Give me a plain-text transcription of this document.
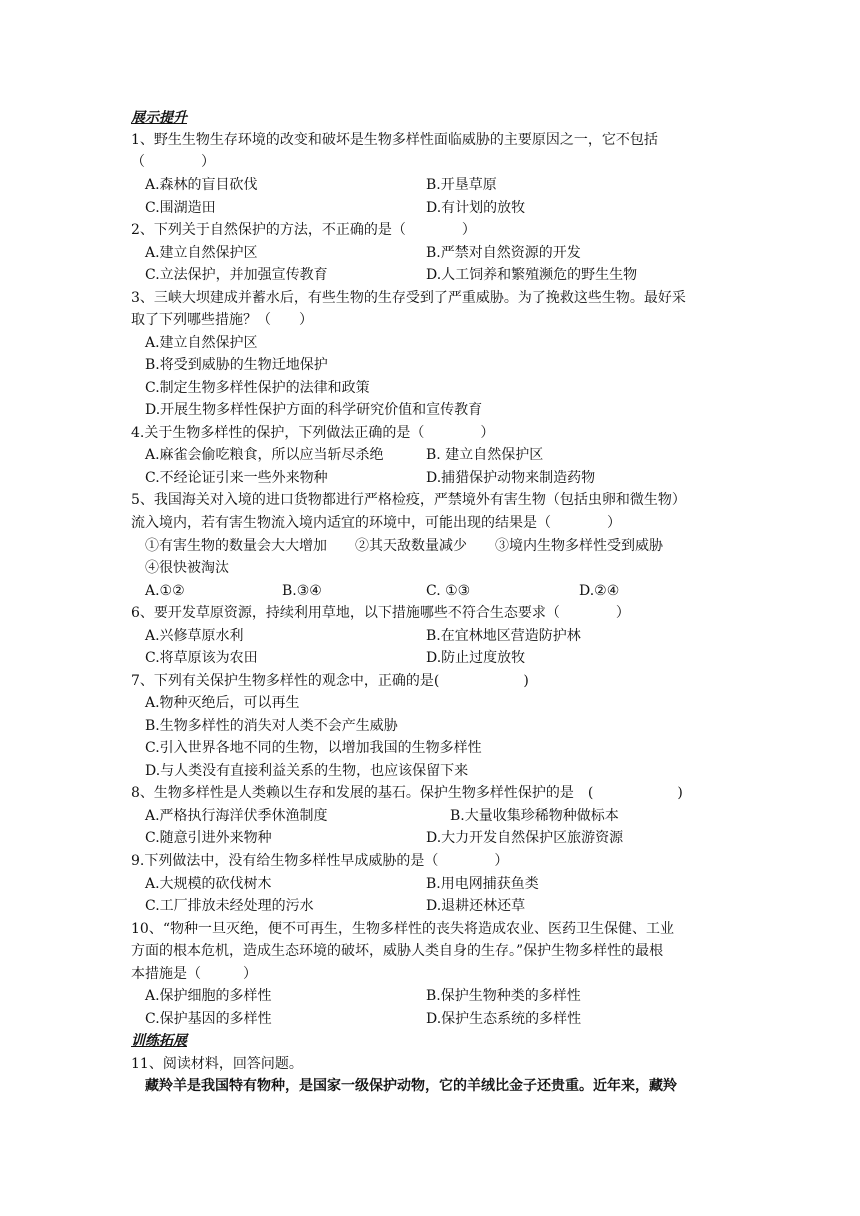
展示提升
1、野生生物生存环境的改变和破坏是生物多样性面临威胁的主要原因之一，它不包括
（　　　　）
A.森林的盲目砍伐	B.开垦草原
C.围湖造田	D.有计划的放牧
2、下列关于自然保护的方法，不正确的是（　　　　）
A.建立自然保护区	B.严禁对自然资源的开发
C.立法保护，并加强宣传教育	D.人工饲养和繁殖濒危的野生生物
3、三峡大坝建成并蓄水后，有些生物的生存受到了严重威胁。为了挽救这些生物。最好采
取了下列哪些措施？（　　）
A.建立自然保护区
B.将受到威胁的生物迁地保护
C.制定生物多样性保护的法律和政策
D.开展生物多样性保护方面的科学研究价值和宣传教育
4.关于生物多样性的保护，下列做法正确的是（　　　　）
A.麻雀会偷吃粮食，所以应当斩尽杀绝	B. 建立自然保护区
C.不经论证引来一些外来物种	D.捕猎保护动物来制造药物
5、我国海关对入境的进口货物都进行严格检疫，严禁境外有害生物（包括虫卵和微生物）
流入境内，若有害生物流入境内适宜的环境中，可能出现的结果是（　　　　）
①有害生物的数量会大大增加　　②其天敌数量减少　　③境内生物多样性受到威胁
④很快被淘汰
A.①②	B.③④	C. ①③	D.②④
6、要开发草原资源，持续利用草地，以下措施哪些不符合生态要求（　　　　）
A.兴修草原水利	B.在宜林地区营造防护林
C.将草原该为农田	D.防止过度放牧
7、下列有关保护生物多样性的观念中，正确的是(　　　　　　)
A.物种灭绝后，可以再生
B.生物多样性的消失对人类不会产生威胁
C.引入世界各地不同的生物，以增加我国的生物多样性
D.与人类没有直接利益关系的生物，也应该保留下来
8、生物多样性是人类赖以生存和发展的基石。保护生物多样性保护的是　(　　　　　　)
A.严格执行海洋伏季休渔制度	B.大量收集珍稀物种做标本
C.随意引进外来物种	D.大力开发自然保护区旅游资源
9.下列做法中，没有给生物多样性早成威胁的是（　　　　）
A.大规模的砍伐树木	B.用电网捕获鱼类
C.工厂排放未经处理的污水	D.退耕还林还草
10、“物种一旦灭绝，便不可再生，生物多样性的丧失将造成农业、医药卫生保健、工业
方面的根本危机，造成生态环境的破坏，威胁人类自身的生存。”保护生物多样性的最根
本措施是（　　　）
A.保护细胞的多样性	B.保护生物种类的多样性
C.保护基因的多样性	D.保护生态系统的多样性
训练拓展
11、阅读材料，回答问题。
　藏羚羊是我国特有物种，是国家一级保护动物，它的羊绒比金子还贵重。近年来，藏羚
